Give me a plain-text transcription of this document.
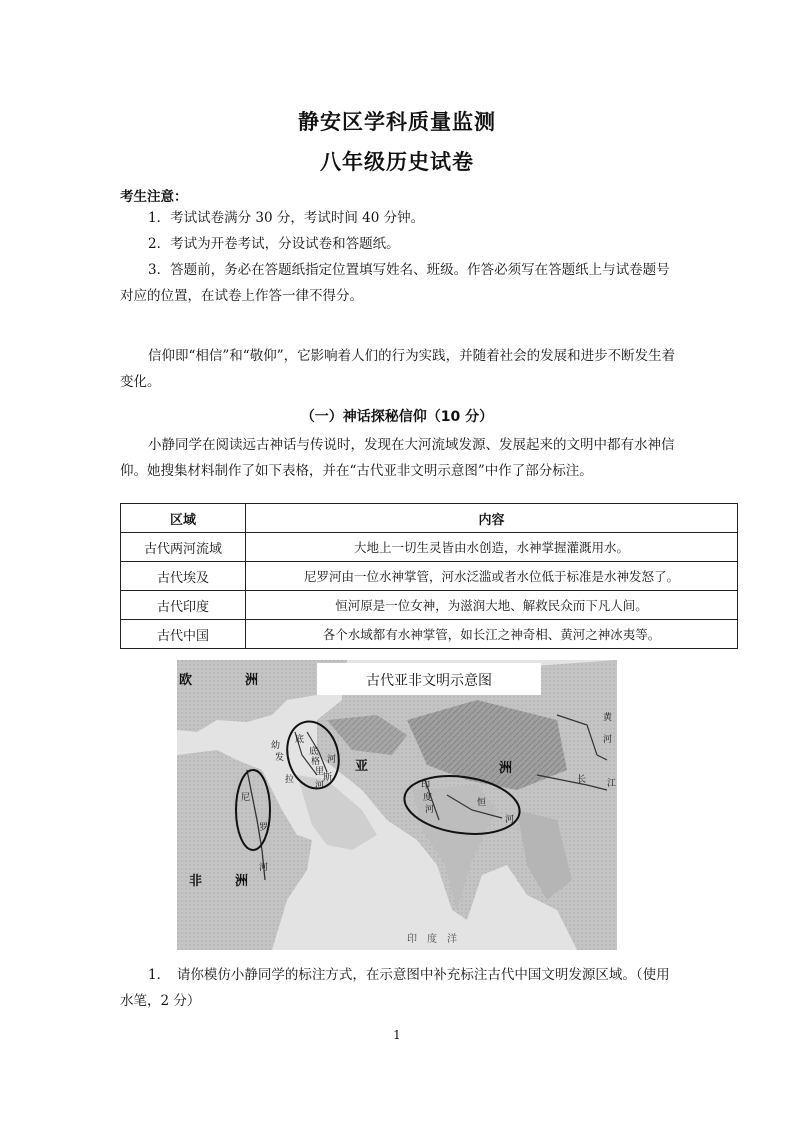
静安区学科质量监测
八年级历史试卷
考生注意：
1．考试试卷满分 30 分，考试时间 40 分钟。
2．考试为开卷考试，分设试卷和答题纸。
3．答题前，务必在答题纸指定位置填写姓名、班级。作答必须写在答题纸上与试卷题号对应的位置，在试卷上作答一律不得分。
信仰即“相信”和“敬仰”，它影响着人们的行为实践，并随着社会的发展和进步不断发生着变化。
（一）神话探秘信仰（10 分）
小静同学在阅读远古神话与传说时，发现在大河流域发源、发展起来的文明中都有水神信仰。她搜集材料制作了如下表格，并在“古代亚非文明示意图”中作了部分标注。
区域	内容
古代两河流域	大地上一切生灵皆由水创造，水神掌握灌溉用水。
古代埃及	尼罗河由一位水神掌管，河水泛滥或者水位低于标准是水神发怒了。
古代印度	恒河原是一位女神，为滋润大地、解救民众而下凡人间。
古代中国	各个水域都有水神掌管，如长江之神奇相、黄河之神冰夷等。
古代亚非文明示意图
欧	洲
亚	洲
非	洲
印　度　洋
幼
发
拉
底
河
底
格
里
斯
河
尼
罗
河
印
度
河
恒
河
黄
河
长 江
1．　请你模仿小静同学的标注方式，在示意图中补充标注古代中国文明发源区域。（使用水笔，2 分）
1
